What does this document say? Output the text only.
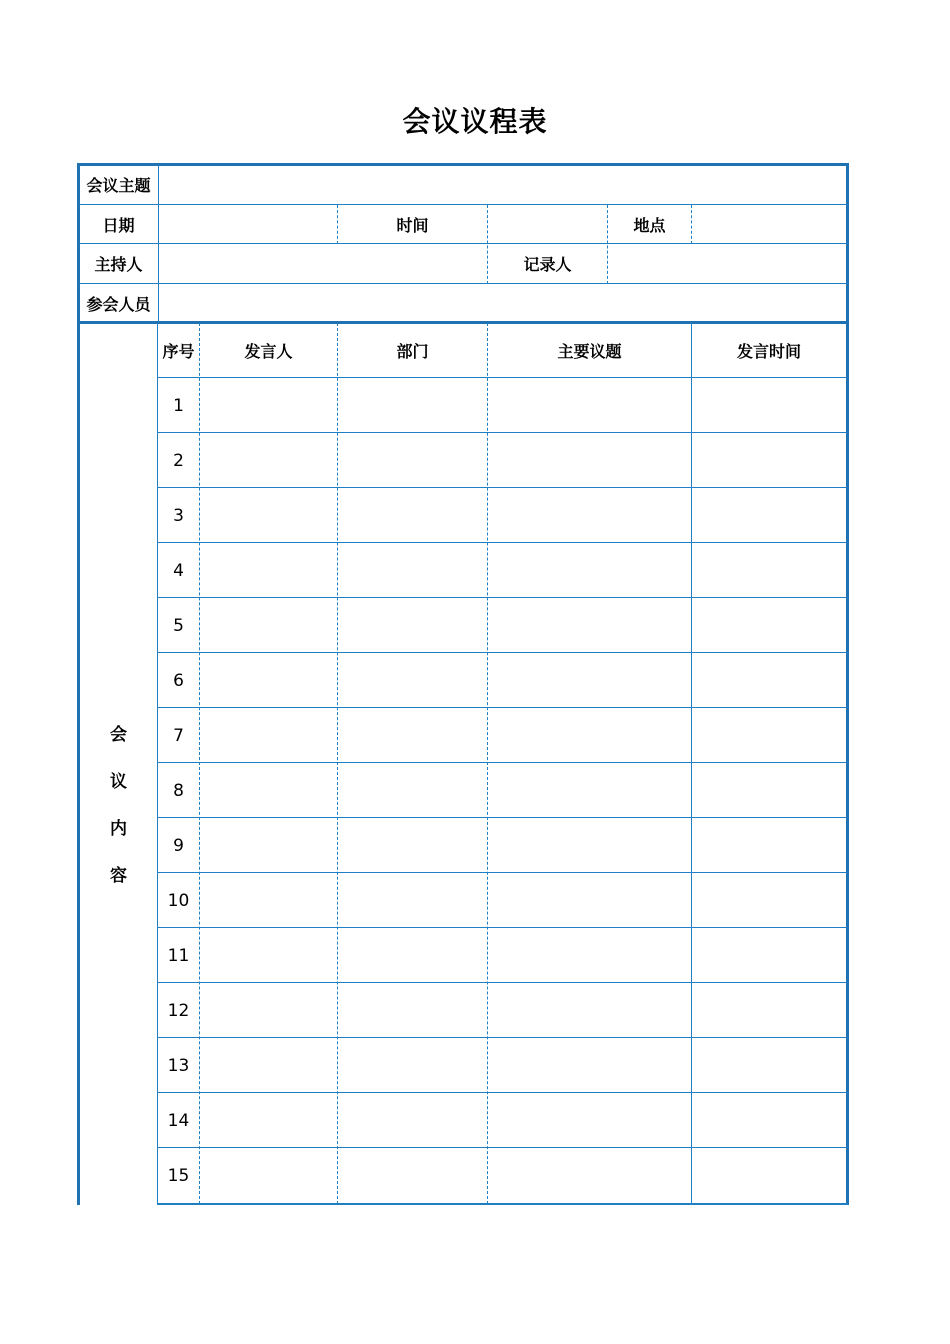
会议议程表
会议主题
日期	时间	地点
主持人	记录人
参会人员
会
议
内
容
序号	发言人	部门	主要议题	发言时间
1
2
3
4
5
6
7
8
9
10
11
12
13
14
15
